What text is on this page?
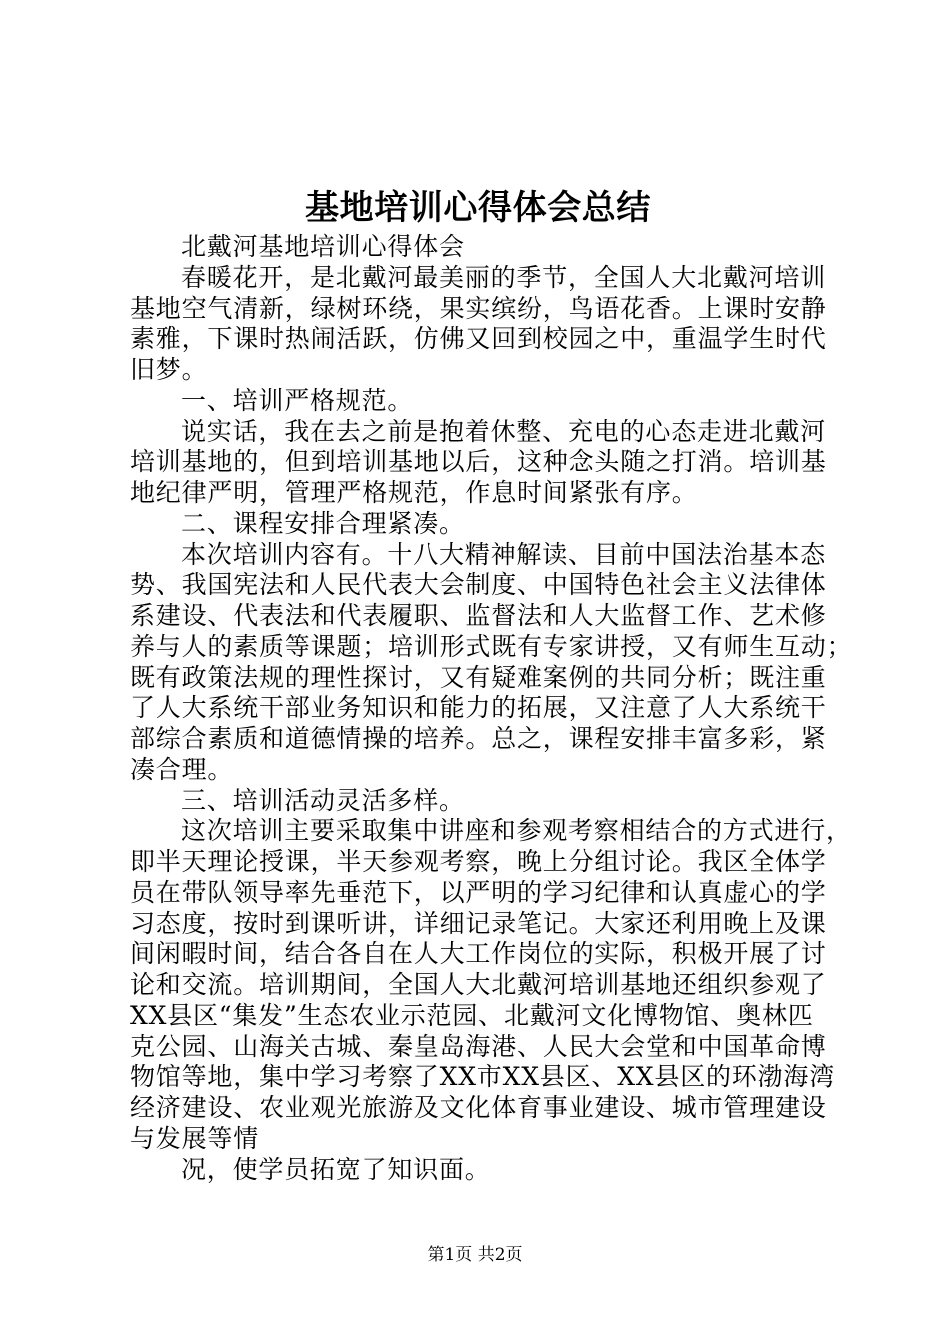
基地培训心得体会总结
北戴河基地培训心得体会
春暖花开，是北戴河最美丽的季节，全国人大北戴河培训
基地空气清新，绿树环绕，果实缤纷，鸟语花香。上课时安静
素雅，下课时热闹活跃，仿佛又回到校园之中，重温学生时代
旧梦。
一、培训严格规范。
说实话，我在去之前是抱着休整、充电的心态走进北戴河
培训基地的，但到培训基地以后，这种念头随之打消。培训基
地纪律严明，管理严格规范，作息时间紧张有序。
二、课程安排合理紧凑。
本次培训内容有。十八大精神解读、目前中国法治基本态
势、我国宪法和人民代表大会制度、中国特色社会主义法律体
系建设、代表法和代表履职、监督法和人大监督工作、艺术修
养与人的素质等课题；培训形式既有专家讲授，又有师生互动；
既有政策法规的理性探讨，又有疑难案例的共同分析；既注重
了人大系统干部业务知识和能力的拓展，又注意了人大系统干
部综合素质和道德情操的培养。总之，课程安排丰富多彩，紧
凑合理。
三、培训活动灵活多样。
这次培训主要采取集中讲座和参观考察相结合的方式进行，
即半天理论授课，半天参观考察，晚上分组讨论。我区全体学
员在带队领导率先垂范下，以严明的学习纪律和认真虚心的学
习态度，按时到课听讲，详细记录笔记。大家还利用晚上及课
间闲暇时间，结合各自在人大工作岗位的实际，积极开展了讨
论和交流。培训期间，全国人大北戴河培训基地还组织参观了
XX县区“集发”生态农业示范园、北戴河文化博物馆、奥林匹
克公园、山海关古城、秦皇岛海港、人民大会堂和中国革命博
物馆等地，集中学习考察了XX市XX县区、XX县区的环渤海湾
经济建设、农业观光旅游及文化体育事业建设、城市管理建设
与发展等情
况，使学员拓宽了知识面。
第1页 共2页
